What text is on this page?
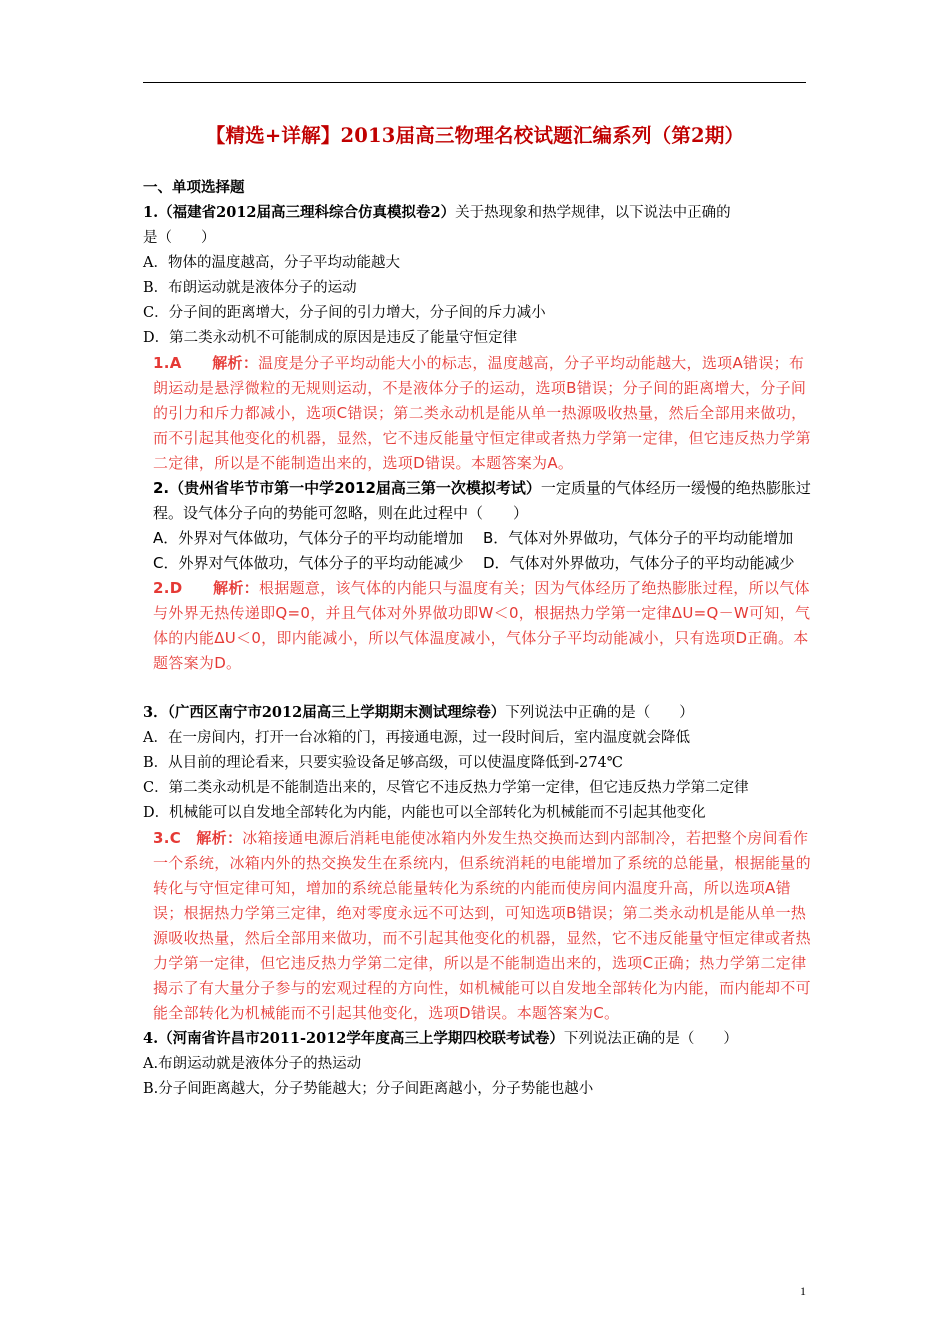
【精选+详解】2013届高三物理名校试题汇编系列（第2期）

一、单项选择题

1.（福建省2012届高三理科综合仿真模拟卷2）关于热现象和热学规律，以下说法中正确的
是（　　）

A．物体的温度越高，分子平均动能越大

B．布朗运动就是液体分子的运动

C．分子间的距离增大，分子间的引力增大，分子间的斥力减小

D．第二类永动机不可能制成的原因是违反了能量守恒定律

1.A　　解析：温度是分子平均动能大小的标志，温度越高，分子平均动能越大，选项A错误；布朗运动是悬浮微粒的无规则运动，不是液体分子的运动，选项B错误；分子间的距离增大，分子间的引力和斥力都减小，选项C错误；第二类永动机是能从单一热源吸收热量，然后全部用来做功，而不引起其他变化的机器，显然，它不违反能量守恒定律或者热力学第一定律，但它违反热力学第二定律，所以是不能制造出来的，选项D错误。本题答案为A。

2.（贵州省毕节市第一中学2012届高三第一次模拟考试）一定质量的气体经历一缓慢的绝热膨胀过程。设气体分子向的势能可忽略，则在此过程中（　　）

A．外界对气体做功，气体分子的平均动能增加	B．气体对外界做功，气体分子的平均动能增加
C．外界对气体做功，气体分子的平均动能减少	D．气体对外界做功，气体分子的平均动能减少

2.D　　解析：根据题意，该气体的内能只与温度有关；因为气体经历了绝热膨胀过程，所以气体与外界无热传递即Q=0，并且气体对外界做功即W＜0，根据热力学第一定律ΔU=Q－W可知，气体的内能ΔU＜0，即内能减小，所以气体温度减小，气体分子平均动能减小，只有选项D正确。本题答案为D。

3．（广西区南宁市2012届高三上学期期末测试理综卷）下列说法中正确的是（　　）

A．在一房间内，打开一台冰箱的门，再接通电源，过一段时间后，室内温度就会降低

B．从目前的理论看来，只要实验设备足够高级，可以使温度降低到-274℃

C．第二类永动机是不能制造出来的，尽管它不违反热力学第一定律，但它违反热力学第二定律

D．机械能可以自发地全部转化为内能，内能也可以全部转化为机械能而不引起其他变化

3.C　解析：冰箱接通电源后消耗电能使冰箱内外发生热交换而达到内部制冷，若把整个房间看作一个系统，冰箱内外的热交换发生在系统内，但系统消耗的电能增加了系统的总能量，根据能量的转化与守恒定律可知，增加的系统总能量转化为系统的内能而使房间内温度升高，所以选项A错误；根据热力学第三定律，绝对零度永远不可达到，可知选项B错误；第二类永动机是能从单一热源吸收热量，然后全部用来做功，而不引起其他变化的机器，显然，它不违反能量守恒定律或者热力学第一定律，但它违反热力学第二定律，所以是不能制造出来的，选项C正确；热力学第二定律揭示了有大量分子参与的宏观过程的方向性，如机械能可以自发地全部转化为内能，而内能却不可能全部转化为机械能而不引起其他变化，选项D错误。本题答案为C。

4.（河南省许昌市2011-2012学年度高三上学期四校联考试卷）下列说法正确的是（　　）

A.布朗运动就是液体分子的热运动

B.分子间距离越大，分子势能越大；分子间距离越小，分子势能也越小

1
